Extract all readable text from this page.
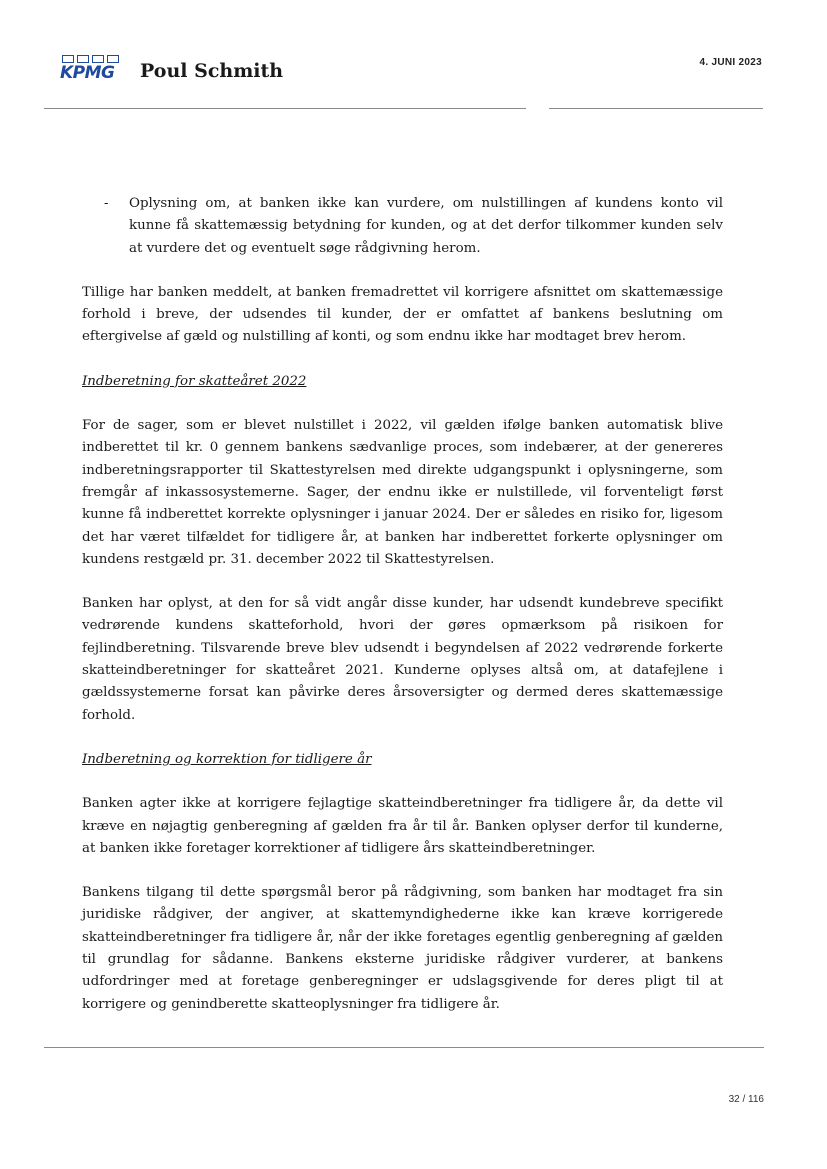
KPMG Poul Schmith	4. JUNI 2023
- Oplysning om, at banken ikke kan vurdere, om nulstillingen af kundens konto vil kunne få skattemæssig betydning for kunden, og at det derfor tilkommer kunden selv at vurdere det og eventuelt søge rådgivning herom.

Tillige har banken meddelt, at banken fremadrettet vil korrigere afsnittet om skattemæssige forhold i breve, der udsendes til kunder, der er omfattet af bankens beslutning om eftergivelse af gæld og nulstilling af konti, og som endnu ikke har modtaget brev herom.

Indberetning for skatteåret 2022

For de sager, som er blevet nulstillet i 2022, vil gælden ifølge banken automatisk blive indberettet til kr. 0 gennem bankens sædvanlige proces, som indebærer, at der genereres indberetningsrapporter til Skattestyrelsen med direkte udgangspunkt i oplysningerne, som fremgår af inkassosystemerne. Sager, der endnu ikke er nulstillede, vil forventeligt først kunne få indberettet korrekte oplysninger i januar 2024. Der er således en risiko for, ligesom det har været tilfældet for tidligere år, at banken har indberettet forkerte oplysninger om kundens restgæld pr. 31. december 2022 til Skattestyrelsen.

Banken har oplyst, at den for så vidt angår disse kunder, har udsendt kundebreve specifikt vedrørende kundens skatteforhold, hvori der gøres opmærksom på risikoen for fejlindberetning. Tilsvarende breve blev udsendt i begyndelsen af 2022 vedrørende forkerte skatteindberetninger for skatteåret 2021. Kunderne oplyses altså om, at datafejlene i gældssystemerne forsat kan påvirke deres årsoversigter og dermed deres skattemæssige forhold.

Indberetning og korrektion for tidligere år

Banken agter ikke at korrigere fejlagtige skatteindberetninger fra tidligere år, da dette vil kræve en nøjagtig genberegning af gælden fra år til år. Banken oplyser derfor til kunderne, at banken ikke foretager korrektioner af tidligere års skatteindberetninger.

Bankens tilgang til dette spørgsmål beror på rådgivning, som banken har modtaget fra sin juridiske rådgiver, der angiver, at skattemyndighederne ikke kan kræve korrigerede skatteindberetninger fra tidligere år, når der ikke foretages egentlig genberegning af gælden til grundlag for sådanne. Bankens eksterne juridiske rådgiver vurderer, at bankens udfordringer med at foretage genberegninger er udslagsgivende for deres pligt til at korrigere og genindberette skatteoplysninger fra tidligere år.

32 / 116
